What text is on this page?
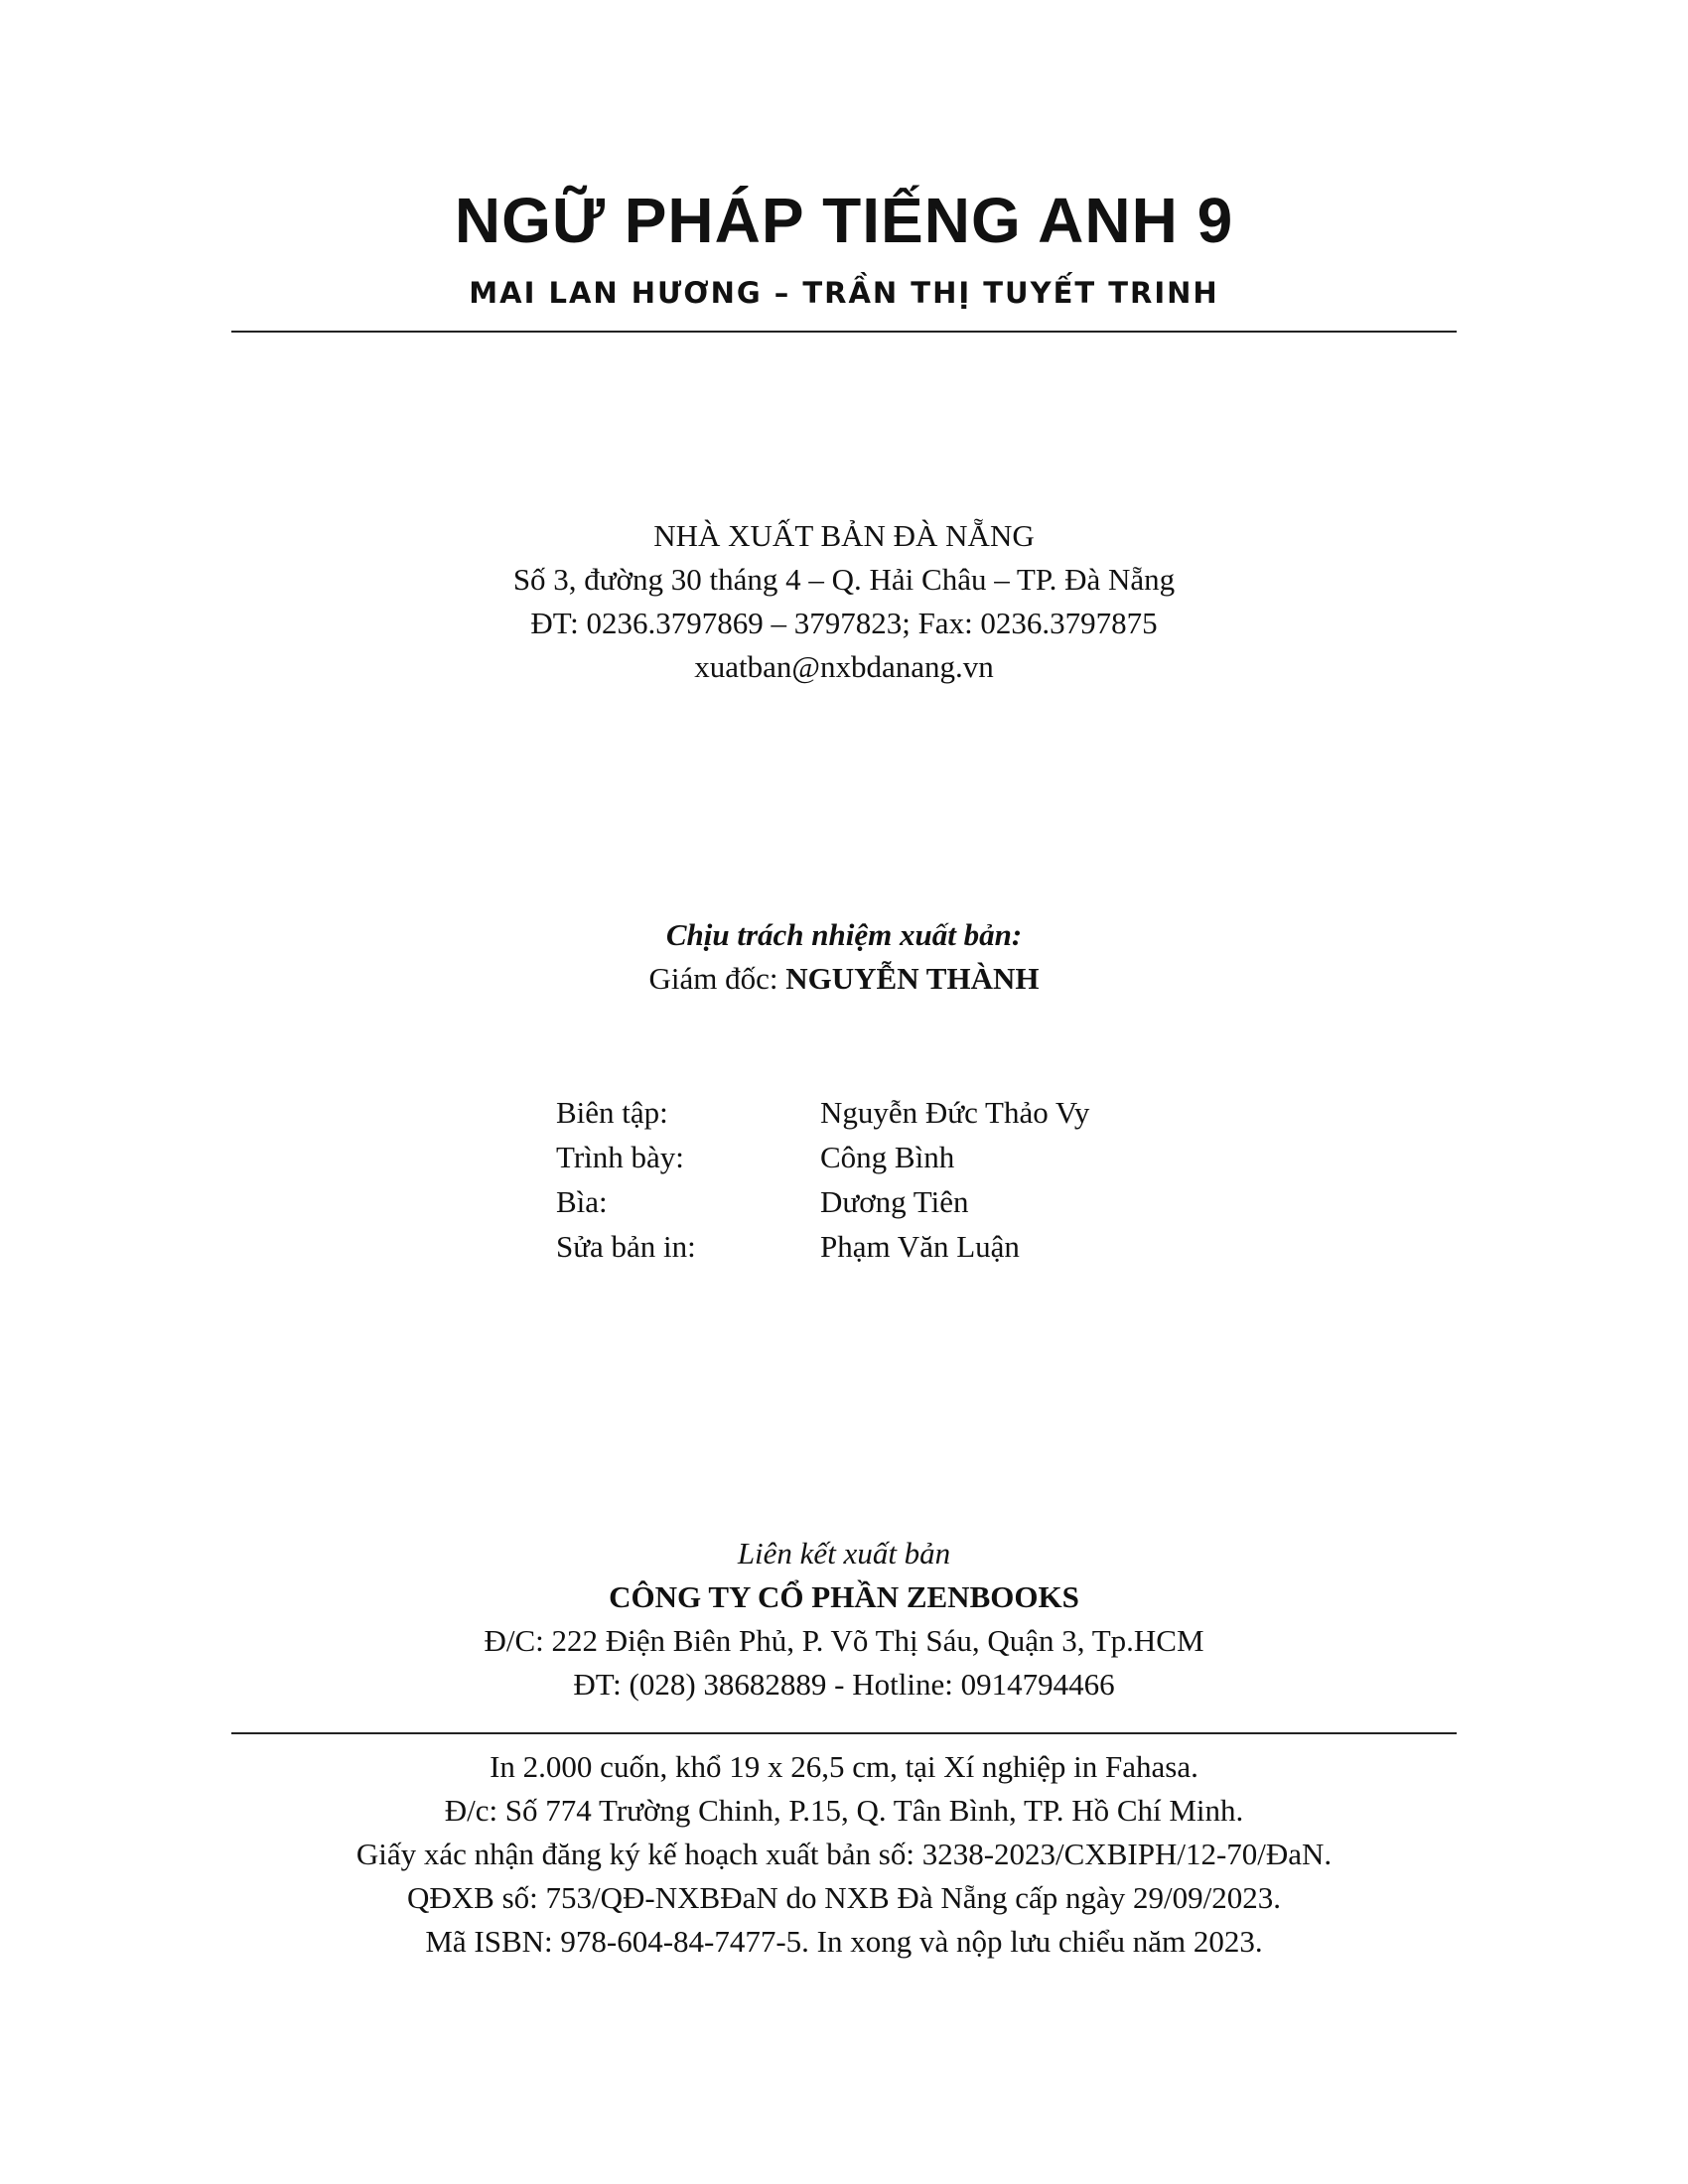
NGỮ PHÁP TIẾNG ANH 9
MAI LAN HƯƠNG – TRẦN THỊ TUYẾT TRINH
NHÀ XUẤT BẢN ĐÀ NẴNG
Số 3, đường 30 tháng 4 – Q. Hải Châu – TP. Đà Nẵng
ĐT: 0236.3797869 – 3797823; Fax: 0236.3797875
xuatban@nxbdanang.vn
Chịu trách nhiệm xuất bản:
Giám đốc: NGUYỄN THÀNH
Biên tập:	Nguyễn Đức Thảo Vy
Trình bày:	Công Bình
Bìa:	Dương Tiên
Sửa bản in:	Phạm Văn Luận
Liên kết xuất bản
CÔNG TY CỔ PHẦN ZENBOOKS
Đ/C: 222 Điện Biên Phủ, P. Võ Thị Sáu, Quận 3, Tp.HCM
ĐT: (028) 38682889 - Hotline: 0914794466
In 2.000 cuốn, khổ 19 x 26,5 cm, tại Xí nghiệp in Fahasa.
Đ/c: Số 774 Trường Chinh, P.15, Q. Tân Bình, TP. Hồ Chí Minh.
Giấy xác nhận đăng ký kế hoạch xuất bản số: 3238-2023/CXBIPH/12-70/ĐaN.
QĐXB số: 753/QĐ-NXBĐaN do NXB Đà Nẵng cấp ngày 29/09/2023.
Mã ISBN: 978-604-84-7477-5. In xong và nộp lưu chiểu năm 2023.
